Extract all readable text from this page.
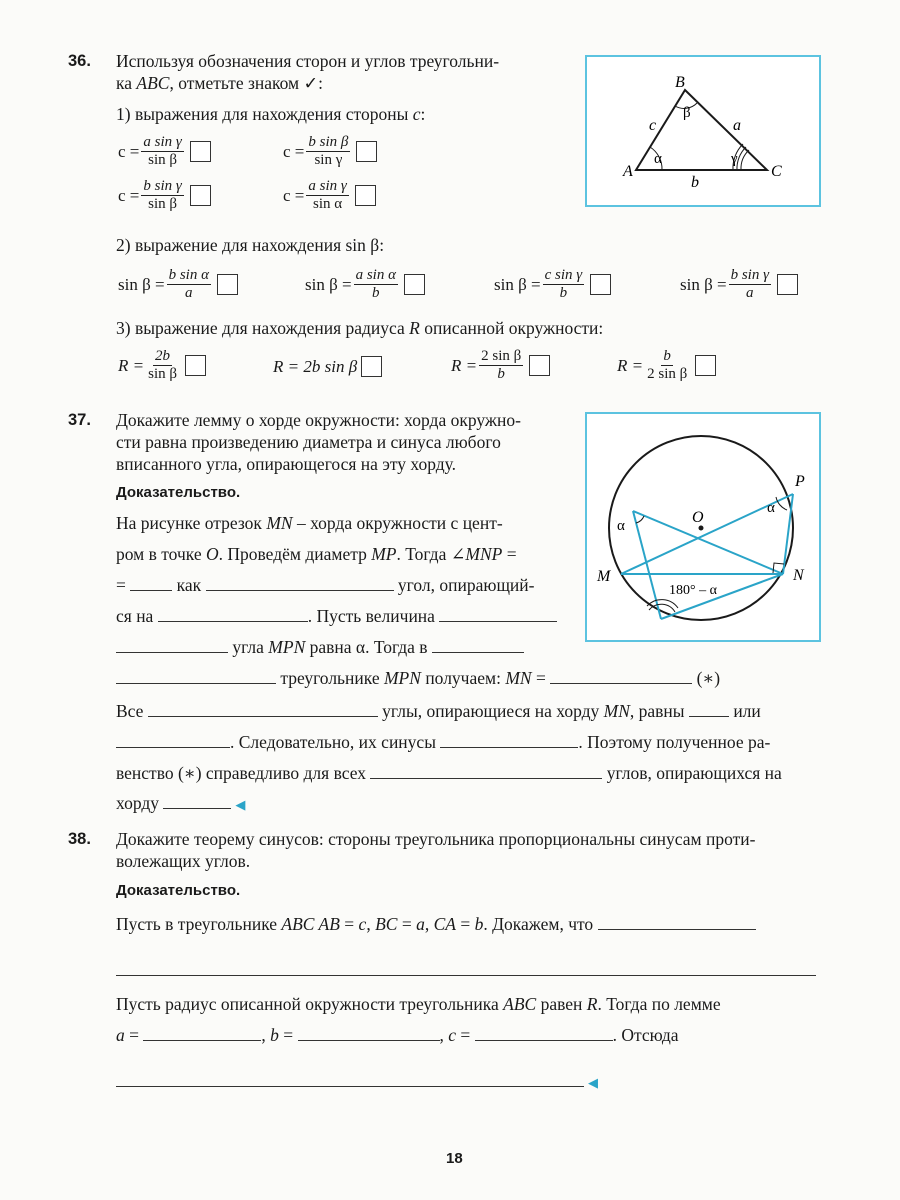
36. Используя обозначения сторон и углов треугольни-
ка ABC, отметьте знаком ✓:
1) выражения для нахождения стороны c:
$c = \frac{\text{a sin γ}}{\text{sin β}}$	$c = \frac{\text{b sin β}}{\text{sin γ}}$
$c = \frac{\text{b sin γ}}{\text{sin β}}$	$c = \frac{\text{a sin γ}}{\text{sin α}}$
2) выражение для нахождения sin β:
$\sin \beta = \frac{\text{b sin α}}{a}$	$\sin \beta = \frac{\text{a sin α}}{b}$	$\sin \beta = \frac{\text{c sin γ}}{b}$	$\sin \beta = \frac{\text{b sin γ}}{a}$
3) выражение для нахождения радиуса R описанной окружности:
$R = \frac{2b}{\text{sin β}}$	R = 2b sin β	$R = \frac{\text{2 sin β}}{b}$	$R = \frac{b}{\text{2 sin β}}$
B
A	C
c	a
b
α
β
γ
37. Докажите лемму о хорде окружности: хорда окружно-
сти равна произведению диаметра и синуса любого
вписанного угла, опирающегося на эту хорду.
Доказательство.
На рисунке отрезок MN – хорда окружности с цент-
ром в точке O. Проведём диаметр MP. Тогда ∠MNP =
=	как	угол, опирающий-
ся на	. Пусть величина
угла MPN равна α. Тогда в
треугольнике MPN получаем: MN =	(∗)
Все	углы, опирающиеся на хорду MN, равны	или
. Следовательно, их синусы	. Поэтому полученное ра-
венство (∗) справедливо для всех	углов, опирающихся на
хорду	◀
O
P
M	N
α
α
180° – α
38. Докажите теорему синусов: стороны треугольника пропорциональны синусам проти-
волежащих углов.
Доказательство.
Пусть в треугольнике ABC AB = c, BC = a, CA = b. Докажем, что
Пусть радиус описанной окружности треугольника ABC равен R. Тогда по лемме
a =	, b =	, c =	. Отсюда
◀
18
